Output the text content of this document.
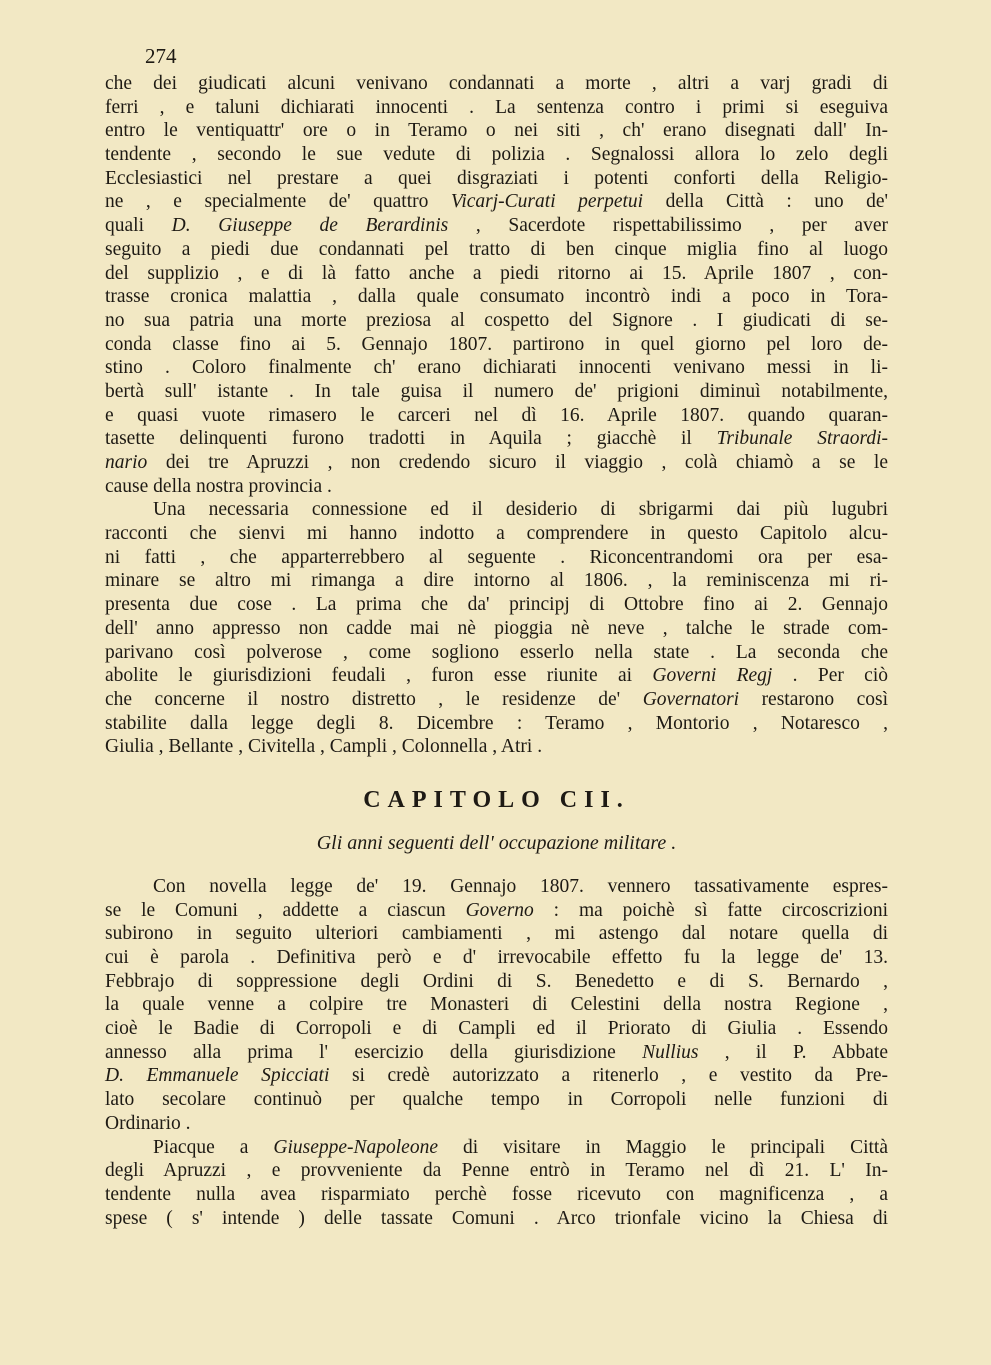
274
che dei giudicati alcuni venivano condannati a morte , altri a varj gradi di
ferri , e taluni dichiarati innocenti . La sentenza contro i primi si eseguiva
entro le ventiquattr' ore o in Teramo o nei siti , ch' erano disegnati dall' In-
tendente , secondo le sue vedute di polizia . Segnalossi allora lo zelo degli
Ecclesiastici nel prestare a quei disgraziati i potenti conforti della Religio-
ne , e specialmente de' quattro Vicarj-Curati perpetui della Città : uno de'
quali D. Giuseppe de Berardinis , Sacerdote rispettabilissimo , per aver
seguito a piedi due condannati pel tratto di ben cinque miglia fino al luogo
del supplizio , e di là fatto anche a piedi ritorno ai 15. Aprile 1807 , con-
trasse cronica malattia , dalla quale consumato incontrò indi a poco in Tora-
no sua patria una morte preziosa al cospetto del Signore . I giudicati di se-
conda classe fino ai 5. Gennajo 1807. partirono in quel giorno pel loro de-
stino . Coloro finalmente ch' erano dichiarati innocenti venivano messi in li-
bertà sull' istante . In tale guisa il numero de' prigioni diminuì notabilmente,
e quasi vuote rimasero le carceri nel dì 16. Aprile 1807. quando quaran-
tasette delinquenti furono tradotti in Aquila ; giacchè il Tribunale Straordi-
nario dei tre Apruzzi , non credendo sicuro il viaggio , colà chiamò a se le
cause della nostra provincia .
Una necessaria connessione ed il desiderio di sbrigarmi dai più lugubri
racconti che sienvi mi hanno indotto a comprendere in questo Capitolo alcu-
ni fatti , che apparterrebbero al seguente . Riconcentrandomi ora per esa-
minare se altro mi rimanga a dire intorno al 1806. , la reminiscenza mi ri-
presenta due cose . La prima che da' principj di Ottobre fino ai 2. Gennajo
dell' anno appresso non cadde mai nè pioggia nè neve , talche le strade com-
parivano così polverose , come sogliono esserlo nella state . La seconda che
abolite le giurisdizioni feudali , furon esse riunite ai Governi Regj . Per ciò
che concerne il nostro distretto , le residenze de' Governatori restarono così
stabilite dalla legge degli 8. Dicembre : Teramo , Montorio , Notaresco ,
Giulia , Bellante , Civitella , Campli , Colonnella , Atri .
CAPITOLO CII.
Gli anni seguenti dell' occupazione militare .
Con novella legge de' 19. Gennajo 1807. vennero tassativamente espres-
se le Comuni , addette a ciascun Governo : ma poichè sì fatte circoscrizioni
subirono in seguito ulteriori cambiamenti , mi astengo dal notare quella di
cui è parola . Definitiva però e d' irrevocabile effetto fu la legge de' 13.
Febbrajo di soppressione degli Ordini di S. Benedetto e di S. Bernardo ,
la quale venne a colpire tre Monasteri di Celestini della nostra Regione ,
cioè le Badie di Corropoli e di Campli ed il Priorato di Giulia . Essendo
annesso alla prima l' esercizio della giurisdizione Nullius , il P. Abbate
D. Emmanuele Spicciati si credè autorizzato a ritenerlo , e vestito da Pre-
lato secolare continuò per qualche tempo in Corropoli nelle funzioni di
Ordinario .
Piacque a Giuseppe-Napoleone di visitare in Maggio le principali Città
degli Apruzzi , e provveniente da Penne entrò in Teramo nel dì 21. L' In-
tendente nulla avea risparmiato perchè fosse ricevuto con magnificenza , a
spese ( s' intende ) delle tassate Comuni . Arco trionfale vicino la Chiesa di
